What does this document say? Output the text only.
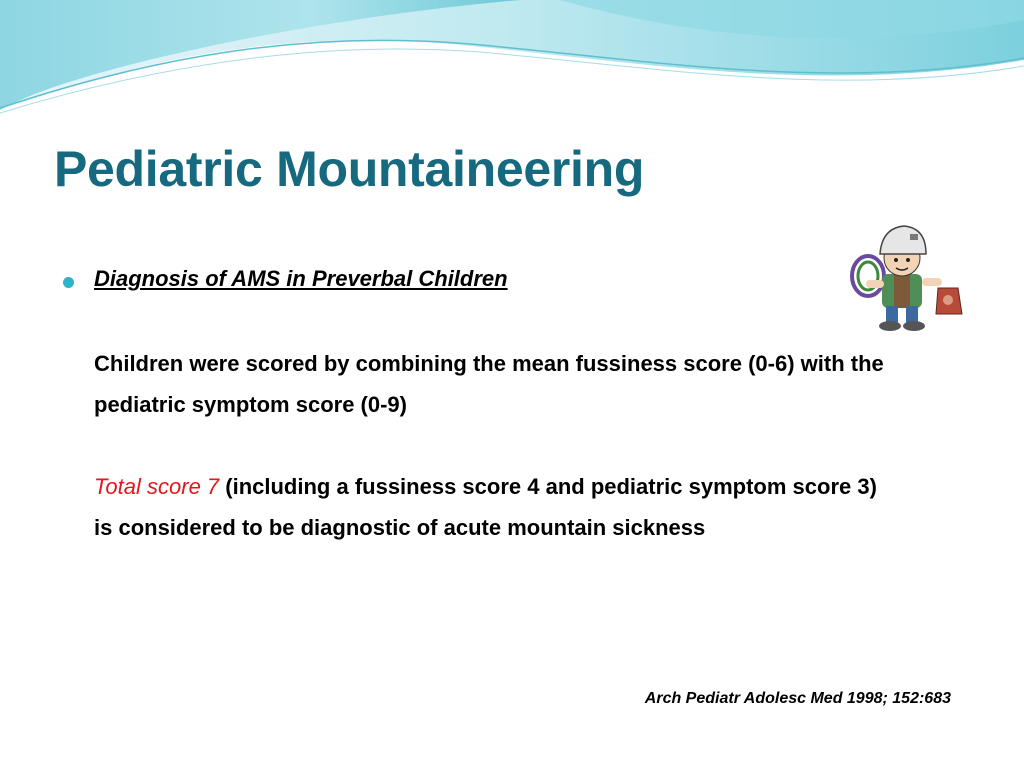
Pediatric Mountaineering
Diagnosis of AMS in Preverbal Children

Children were scored by combining the mean fussiness score (0-6) with the pediatric symptom score (0-9)

Total score 7 (including a fussiness score 4 and pediatric symptom score 3) is considered to be diagnostic of acute mountain sickness

Arch Pediatr Adolesc Med 1998; 152:683
